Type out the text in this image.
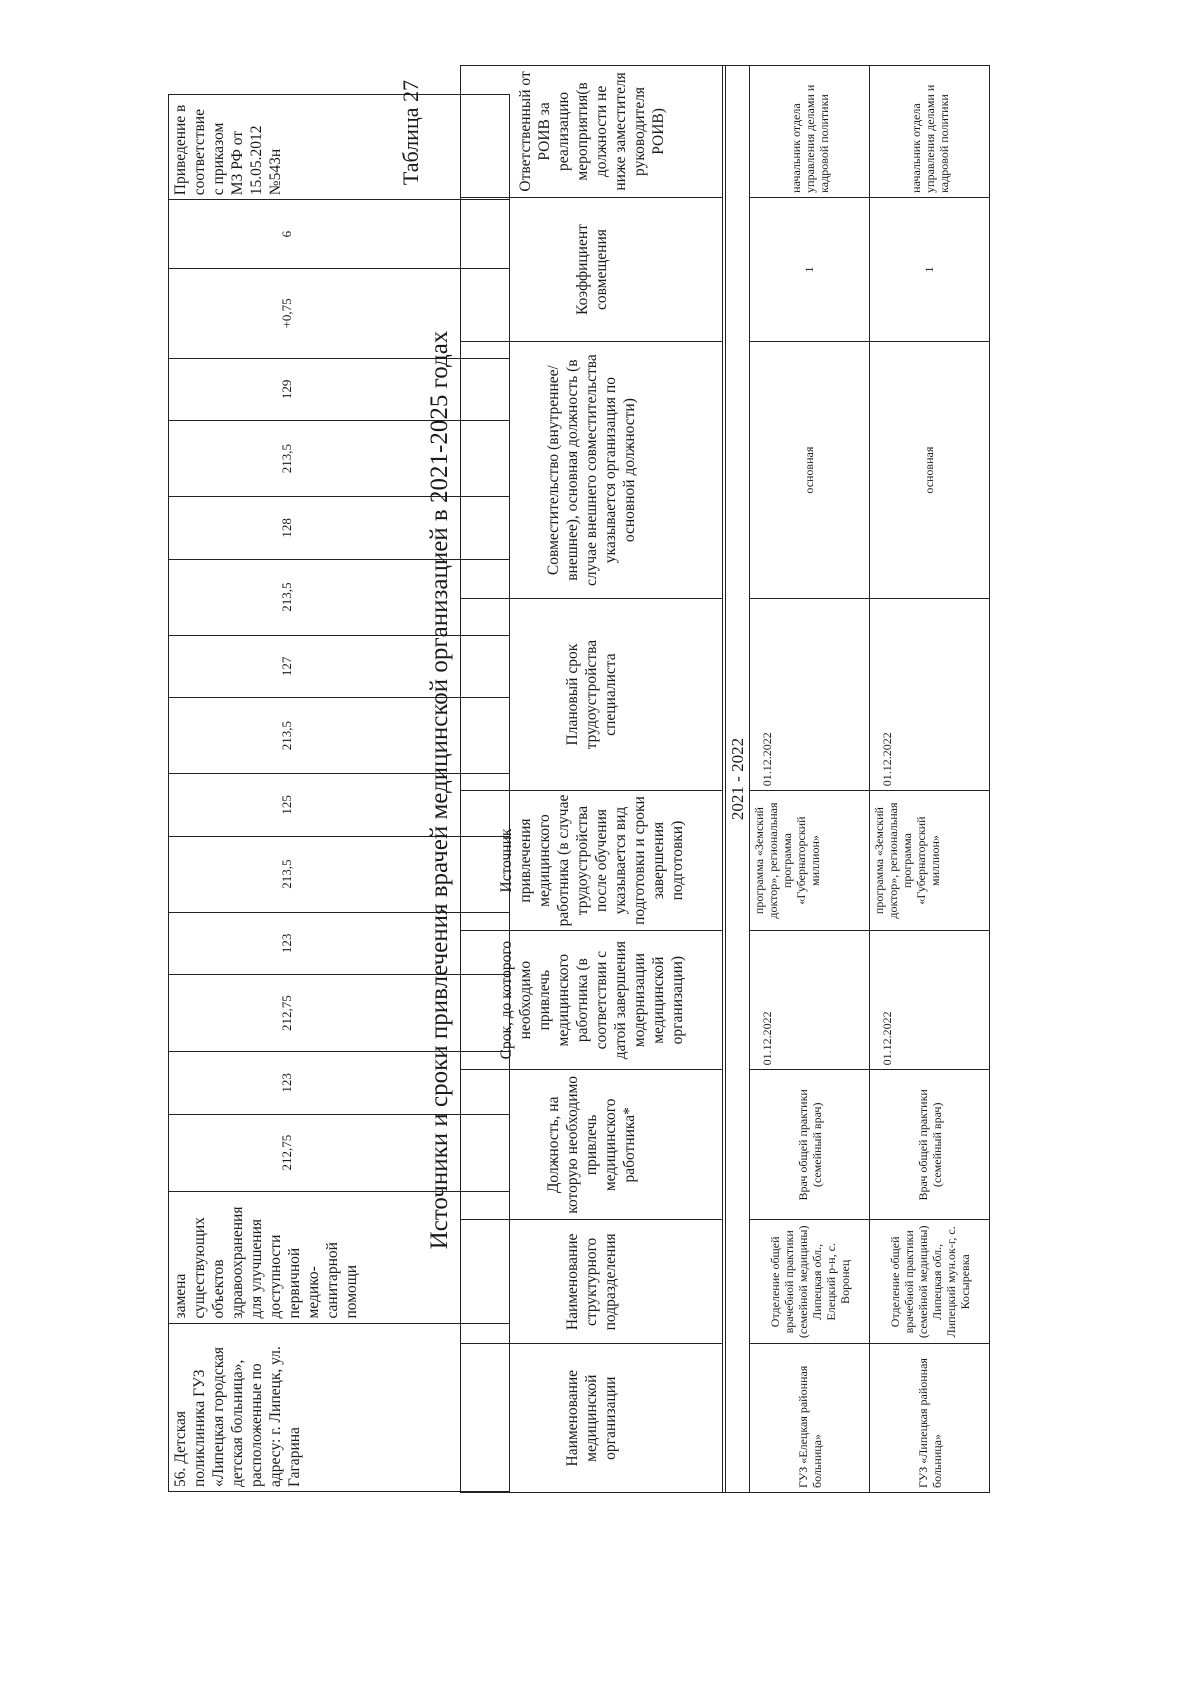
56. Детская поликлиника ГУЗ «Липецкая городская детская больница», расположенные по адресу: г. Липецк, ул. Гагарина	замена существующих объектов здравоохранения для улучшения доступности первичной медико-санитарной помощи	212,75	123	212,75	123	213,5	125	213,5	127	213,5	128	213,5	129	+0,75	6	Приведение в соответствие с приказом МЗ РФ от 15.05.2012 №543н	Таблица 27
Источники и сроки привлечения врачей медицинской организацией в 2021-2025 годах
Наименование медицинской организации	Наименование структурного подразделения	Должность, на которую необходимо привлечь медицинского работника*	Срок, до которого необходимо привлечь медицинского работника (в соответствии с датой завершения модернизации медицинской организации)	Источник привлечения медицинского работника (в случае трудоустройства после обучения указывается вид подготовки и сроки завершения подготовки)	Плановый срок трудоустройства специалиста	Совместительство (внутреннее/внешнее), основная должность (в случае внешнего совместительства указывается организация по основной должности)	Коэффициент совмещения	Ответственный от РОИВ за реализацию мероприятия(в должности не ниже заместителя руководителя РОИВ)

2021 - 2022								
ГУЗ «Елецкая районная больница»	Отделение общей врачебной практики (семейной медицины) Липецкая обл., Елецкий р-н, с. Воронец	Врач общей практики (семейный врач)	01.12.2022	программа «Земский доктор», региональная программа «Губернаторский миллион»	01.12.2022	основная	1	начальник отдела управления делами и кадровой политики
ГУЗ «Липецкая районная больница»	Отделение общей врачебной практики (семейной медицины) Липецкая обл., Липецкий мун.ок-г, с. Косыревка	Врач общей практики (семейный врач)	01.12.2022	программа «Земский доктор», региональная программа «Губернаторский миллион»	01.12.2022	основная	1	начальник отдела управления делами и кадровой политики
